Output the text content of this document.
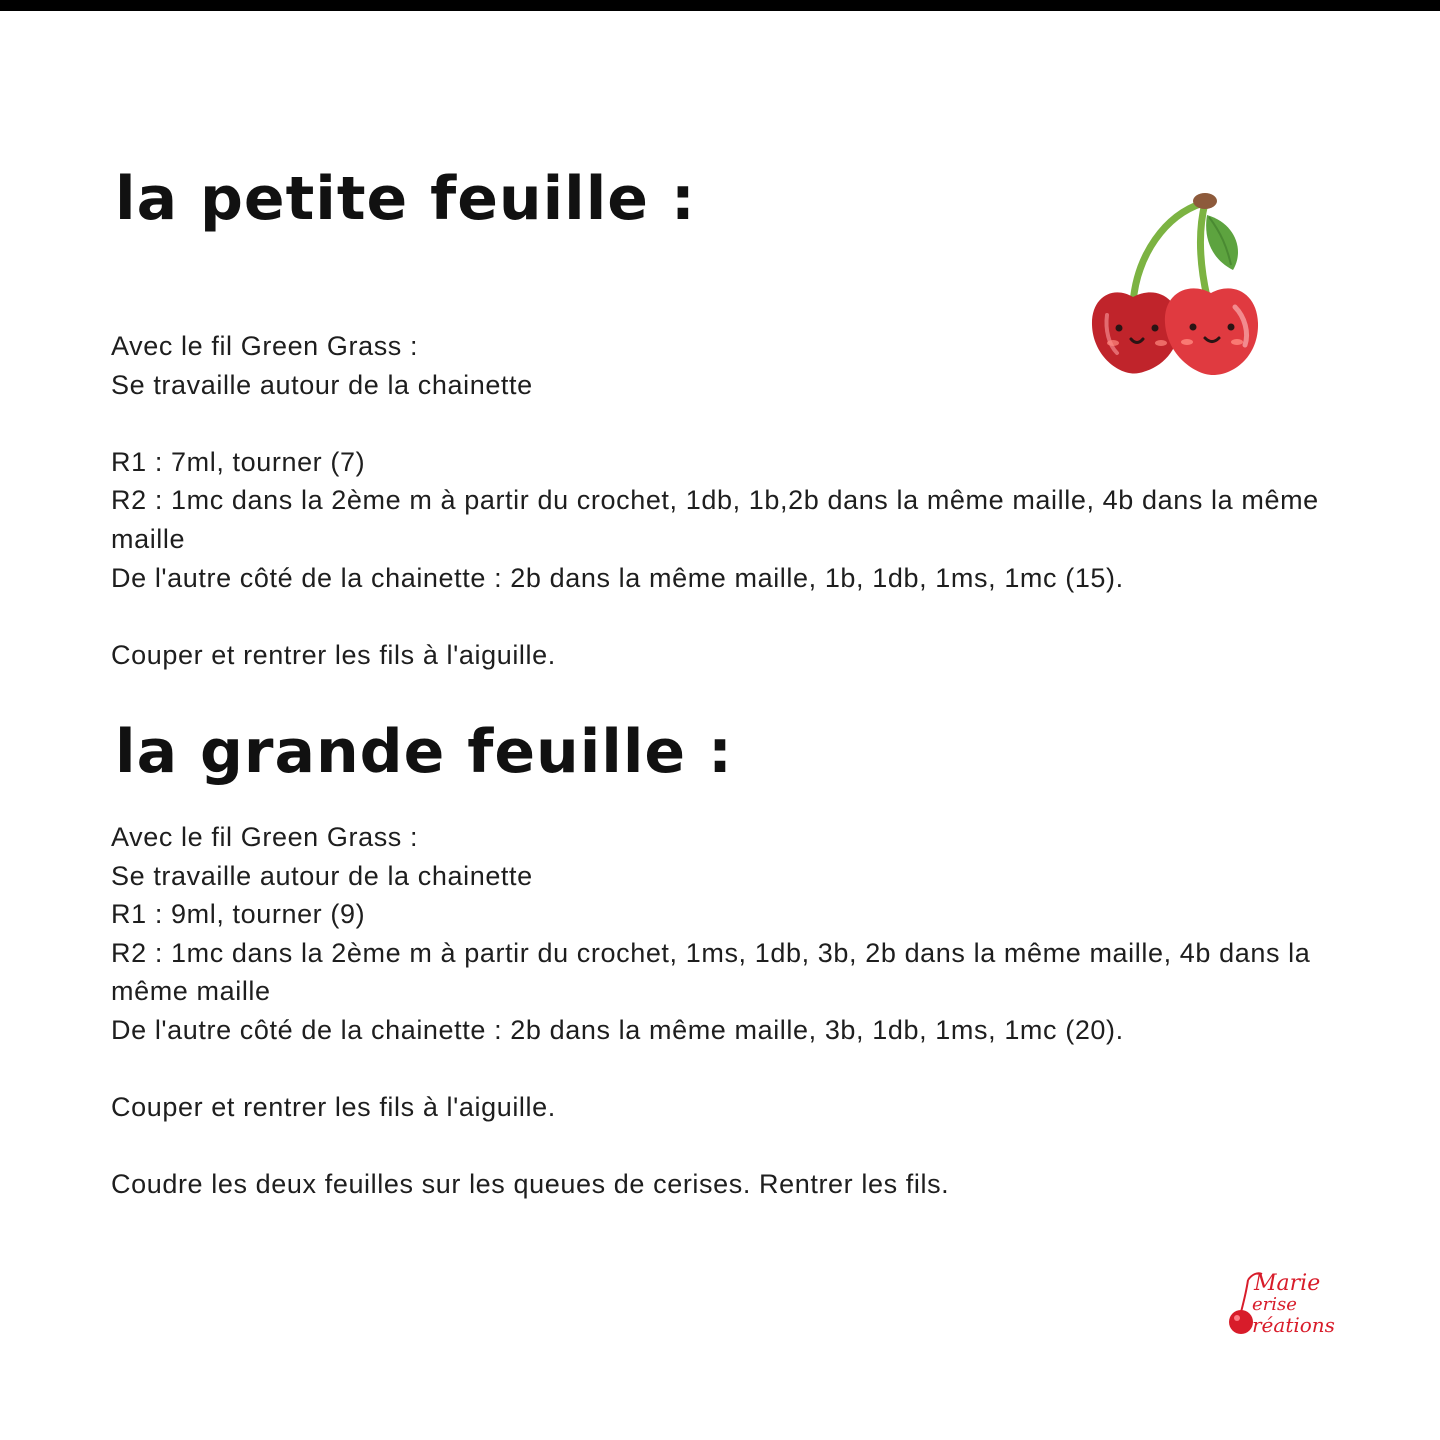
la petite feuille :
Avec le fil Green Grass :
Se travaille autour de la chainette
R1 : 7ml, tourner (7)
R2 : 1mc dans la 2ème m à partir du crochet, 1db, 1b,2b dans la même maille, 4b dans la même maille
De l'autre côté de la chainette : 2b dans la même maille, 1b, 1db, 1ms, 1mc (15).
Couper et rentrer les fils à l'aiguille.
la grande feuille :
Avec le fil Green Grass :
Se travaille autour de la chainette
R1 : 9ml, tourner (9)
R2 : 1mc dans la 2ème m à partir du crochet, 1ms, 1db, 3b, 2b dans la même maille, 4b dans la même maille
De l'autre côté de la chainette : 2b dans la même maille, 3b, 1db, 1ms, 1mc (20).
Couper et rentrer les fils à l'aiguille.
Coudre les deux feuilles sur les queues de cerises. Rentrer les fils.
Marie
erise
réations
